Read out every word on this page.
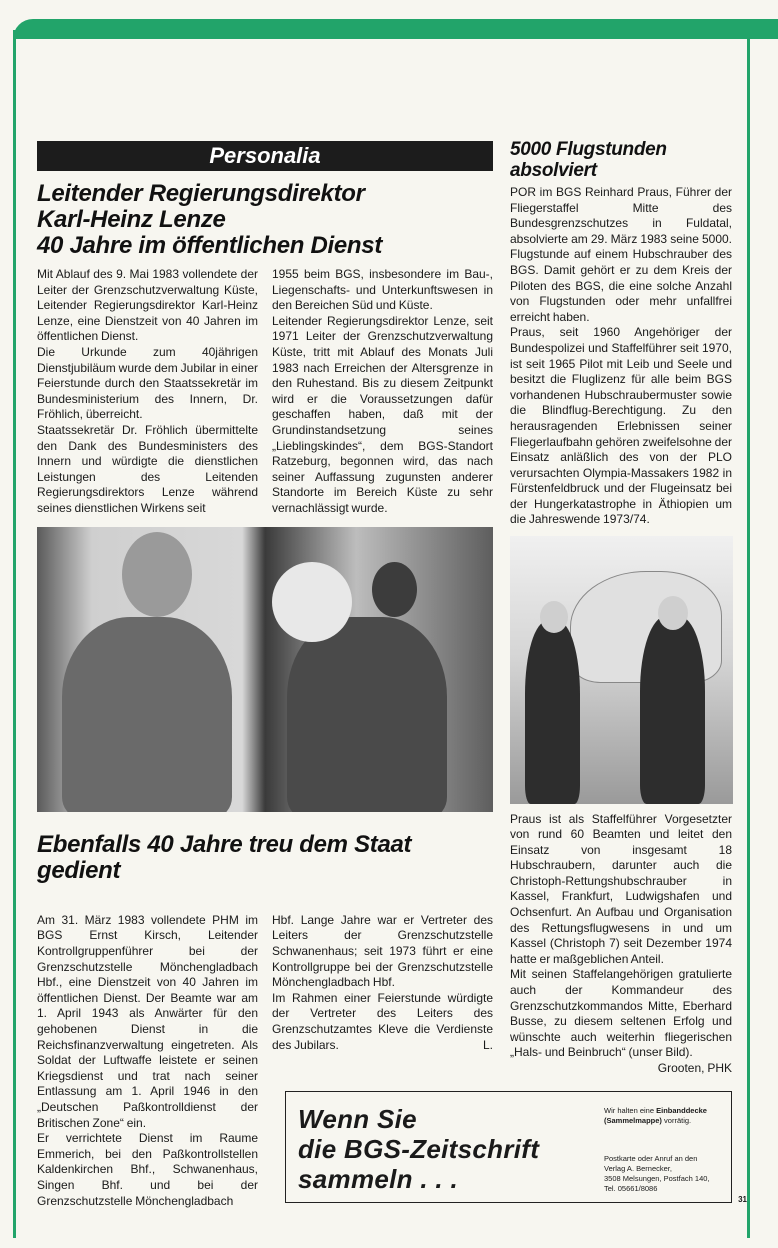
Personalia
Leitender Regierungsdirektor
Karl-Heinz Lenze
40 Jahre im öffentlichen Dienst

Mit Ablauf des 9. Mai 1983 vollendete der Leiter der Grenzschutzverwaltung Küste, Leitender Regierungsdirektor Karl-Heinz Lenze, eine Dienstzeit von 40 Jahren im öffentlichen Dienst.

Die Urkunde zum 40jährigen Dienstjubiläum wurde dem Jubilar in einer Feierstunde durch den Staatssekretär im Bundesministerium des Innern, Dr. Fröhlich, überreicht.

Staatssekretär Dr. Fröhlich übermittelte den Dank des Bundesministers des Innern und würdigte die dienstlichen Leistungen des Leitenden Regierungsdirektors Lenze während seines dienstlichen Wirkens seit

1955 beim BGS, insbesondere im Bau-, Liegenschafts- und Unterkunftswesen in den Bereichen Süd und Küste.

Leitender Regierungsdirektor Lenze, seit 1971 Leiter der Grenzschutzverwaltung Küste, tritt mit Ablauf des Monats Juli 1983 nach Erreichen der Altersgrenze in den Ruhestand. Bis zu diesem Zeitpunkt wird er die Voraussetzungen dafür geschaffen haben, daß mit der Grundinstandsetzung seines „Lieblingskindes“, dem BGS-Standort Ratzeburg, begonnen wird, das nach seiner Auffassung zugunsten anderer Standorte im Bereich Küste zu sehr vernachlässigt wurde.

5000 Flugstunden
absolviert

POR im BGS Reinhard Praus, Führer der Fliegerstaffel Mitte des Bundesgrenzschutzes in Fuldatal, absolvierte am 29. März 1983 seine 5000. Flugstunde auf einem Hubschrauber des BGS. Damit gehört er zu dem Kreis der Piloten des BGS, die eine solche Anzahl von Flugstunden oder mehr unfallfrei erreicht haben.

Praus, seit 1960 Angehöriger der Bundespolizei und Staffelführer seit 1970, ist seit 1965 Pilot mit Leib und Seele und besitzt die Fluglizenz für alle beim BGS vorhandenen Hubschraubermuster sowie die Blindflug-Berechtigung. Zu den herausragenden Erlebnissen seiner Fliegerlaufbahn gehören zweifelsohne der Einsatz anläßlich des von der PLO verursachten Olympia-Massakers 1982 in Fürstenfeldbruck und der Flugeinsatz bei der Hungerkatastrophe in Äthiopien um die Jahreswende 1973/74.

Praus ist als Staffelführer Vorgesetzter von rund 60 Beamten und leitet den Einsatz von insgesamt 18 Hubschraubern, darunter auch die Christoph-Rettungshubschrauber in Kassel, Frankfurt, Ludwigshafen und Ochsenfurt. An Aufbau und Organisation des Rettungsflugwesens in und um Kassel (Christoph 7) seit Dezember 1974 hatte er maßgeblichen Anteil.

Mit seinen Staffelangehörigen gratulierte auch der Kommandeur des Grenzschutzkommandos Mitte, Eberhard Busse, zu diesem seltenen Erfolg und wünschte auch weiterhin fliegerischen „Hals- und Beinbruch“ (unser Bild).
Grooten, PHK

Ebenfalls 40 Jahre treu dem Staat
gedient

Am 31. März 1983 vollendete PHM im BGS Ernst Kirsch, Leitender Kontrollgruppenführer bei der Grenzschutzstelle Mönchengladbach Hbf., eine Dienstzeit von 40 Jahren im öffentlichen Dienst. Der Beamte war am 1. April 1943 als Anwärter für den gehobenen Dienst in die Reichsfinanzverwaltung eingetreten. Als Soldat der Luftwaffe leistete er seinen Kriegsdienst und trat nach seiner Entlassung am 1. April 1946 in den „Deutschen Paßkontrolldienst der Britischen Zone“ ein.

Er verrichtete Dienst im Raume Emmerich, bei den Paßkontrollstellen Kaldenkirchen Bhf., Schwanenhaus, Singen Bhf. und bei der Grenzschutzstelle Mönchengladbach

Hbf. Lange Jahre war er Vertreter des Leiters der Grenzschutzstelle Schwanenhaus; seit 1973 führt er eine Kontrollgruppe bei der Grenzschutzstelle Mönchengladbach Hbf.

Im Rahmen einer Feierstunde würdigte der Vertreter des Leiters des Grenzschutzamtes Kleve die Verdienste des Jubilars.	L.

Wenn Sie
die BGS-Zeitschrift
sammeln . . .
Wir halten eine Einbanddecke (Sammelmappe) vorrätig.
Postkarte oder Anruf an den
Verlag A. Bernecker,
3508 Melsungen, Postfach 140,
Tel. 05661/8086
31
